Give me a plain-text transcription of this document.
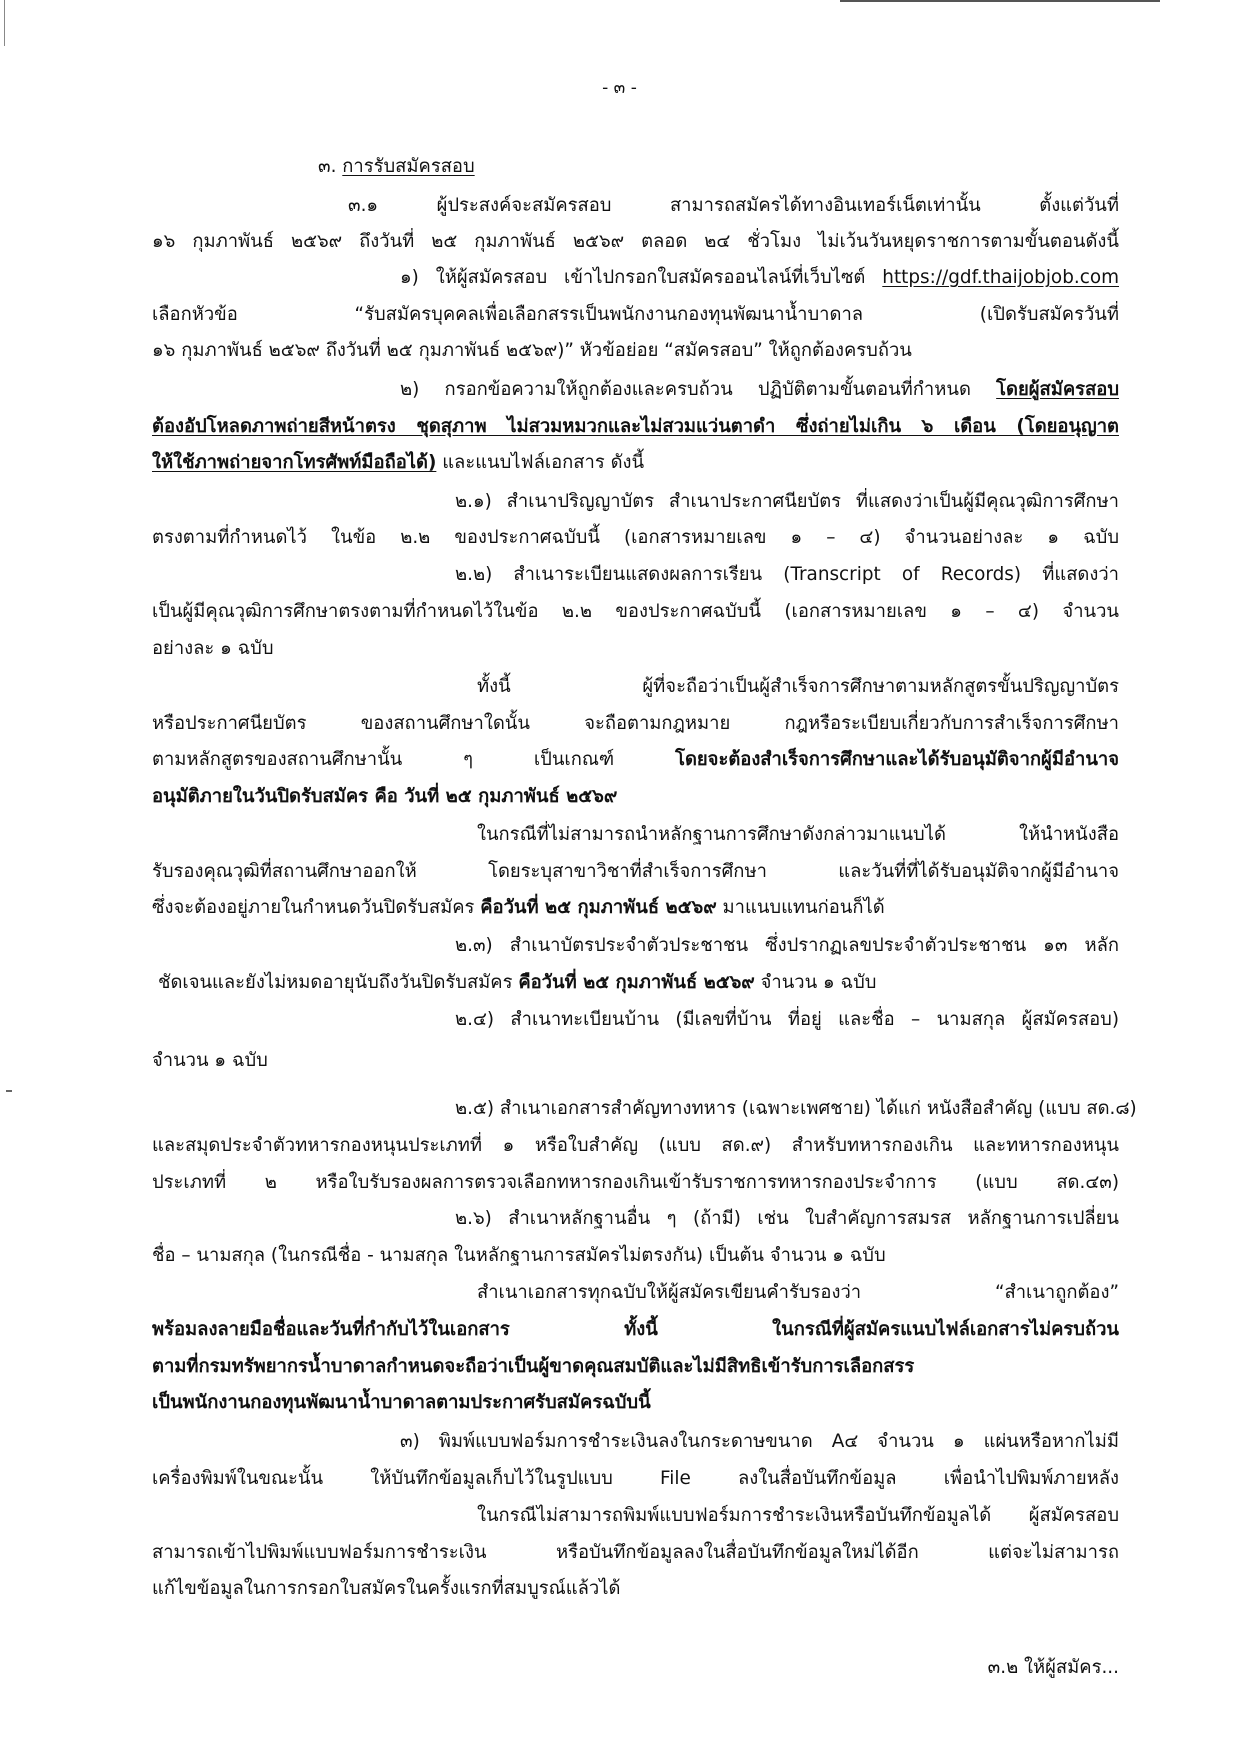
- ๓ -
๓. การรับสมัครสอบ
๓.๑ ผู้ประสงค์จะสมัครสอบ สามารถสมัครได้ทางอินเทอร์เน็ตเท่านั้น ตั้งแต่วันที่
๑๖ กุมภาพันธ์ ๒๕๖๙ ถึงวันที่ ๒๕ กุมภาพันธ์ ๒๕๖๙ ตลอด ๒๔ ชั่วโมง ไม่เว้นวันหยุดราชการตามขั้นตอนดังนี้
๑) ให้ผู้สมัครสอบ เข้าไปกรอกใบสมัครออนไลน์ที่เว็บไซต์ https://gdf.thaijobjob.com
เลือกหัวข้อ “รับสมัครบุคคลเพื่อเลือกสรรเป็นพนักงานกองทุนพัฒนาน้ำบาดาล (เปิดรับสมัครวันที่
๑๖ กุมภาพันธ์ ๒๕๖๙ ถึงวันที่ ๒๕ กุมภาพันธ์ ๒๕๖๙)” หัวข้อย่อย “สมัครสอบ” ให้ถูกต้องครบถ้วน
๒) กรอกข้อความให้ถูกต้องและครบถ้วน ปฏิบัติตามขั้นตอนที่กำหนด โดยผู้สมัครสอบ
ต้องอัปโหลดภาพถ่ายสีหน้าตรง ชุดสุภาพ ไม่สวมหมวกและไม่สวมแว่นตาดำ ซึ่งถ่ายไม่เกิน ๖ เดือน (โดยอนุญาต
ให้ใช้ภาพถ่ายจากโทรศัพท์มือถือได้) และแนบไฟล์เอกสาร ดังนี้
๒.๑) สำเนาปริญญาบัตร สำเนาประกาศนียบัตร ที่แสดงว่าเป็นผู้มีคุณวุฒิการศึกษา
ตรงตามที่กำหนดไว้ ในข้อ ๒.๒ ของประกาศฉบับนี้ (เอกสารหมายเลข ๑ – ๔) จำนวนอย่างละ ๑ ฉบับ
๒.๒) สำเนาระเบียนแสดงผลการเรียน (Transcript of Records) ที่แสดงว่า
เป็นผู้มีคุณวุฒิการศึกษาตรงตามที่กำหนดไว้ในข้อ ๒.๒ ของประกาศฉบับนี้ (เอกสารหมายเลข ๑ – ๔) จำนวน
อย่างละ ๑ ฉบับ
ทั้งนี้ ผู้ที่จะถือว่าเป็นผู้สำเร็จการศึกษาตามหลักสูตรขั้นปริญญาบัตร
หรือประกาศนียบัตร ของสถานศึกษาใดนั้น จะถือตามกฎหมาย กฎหรือระเบียบเกี่ยวกับการสำเร็จการศึกษา
ตามหลักสูตรของสถานศึกษานั้น ๆ เป็นเกณฑ์ โดยจะต้องสำเร็จการศึกษาและได้รับอนุมัติจากผู้มีอำนาจ
อนุมัติภายในวันปิดรับสมัคร คือ วันที่ ๒๕ กุมภาพันธ์ ๒๕๖๙
ในกรณีที่ไม่สามารถนำหลักฐานการศึกษาดังกล่าวมาแนบได้ ให้นำหนังสือ
รับรองคุณวุฒิที่สถานศึกษาออกให้ โดยระบุสาขาวิชาที่สำเร็จการศึกษา และวันที่ที่ได้รับอนุมัติจากผู้มีอำนาจ
ซึ่งจะต้องอยู่ภายในกำหนดวันปิดรับสมัคร คือวันที่ ๒๕ กุมภาพันธ์ ๒๕๖๙ มาแนบแทนก่อนก็ได้
๒.๓) สำเนาบัตรประจำตัวประชาชน ซึ่งปรากฏเลขประจำตัวประชาชน ๑๓ หลัก
ชัดเจนและยังไม่หมดอายุนับถึงวันปิดรับสมัคร คือวันที่ ๒๕ กุมภาพันธ์ ๒๕๖๙ จำนวน ๑ ฉบับ
๒.๔) สำเนาทะเบียนบ้าน (มีเลขที่บ้าน ที่อยู่ และชื่อ – นามสกุล ผู้สมัครสอบ)
จำนวน ๑ ฉบับ
๒.๕) สำเนาเอกสารสำคัญทางทหาร (เฉพาะเพศชาย) ได้แก่ หนังสือสำคัญ (แบบ สด.๘)
และสมุดประจำตัวทหารกองหนุนประเภทที่ ๑ หรือใบสำคัญ (แบบ สด.๙) สำหรับทหารกองเกิน และทหารกองหนุน
ประเภทที่ ๒ หรือใบรับรองผลการตรวจเลือกทหารกองเกินเข้ารับราชการทหารกองประจำการ (แบบ สด.๔๓)
๒.๖) สำเนาหลักฐานอื่น ๆ (ถ้ามี) เช่น ใบสำคัญการสมรส หลักฐานการเปลี่ยน
ชื่อ – นามสกุล (ในกรณีชื่อ - นามสกุล ในหลักฐานการสมัครไม่ตรงกัน) เป็นต้น จำนวน ๑ ฉบับ
สำเนาเอกสารทุกฉบับให้ผู้สมัครเขียนคำรับรองว่า “สำเนาถูกต้อง”
พร้อมลงลายมือชื่อและวันที่กำกับไว้ในเอกสาร ทั้งนี้ ในกรณีที่ผู้สมัครแนบไฟล์เอกสารไม่ครบถ้วน
ตามที่กรมทรัพยากรน้ำบาดาลกำหนดจะถือว่าเป็นผู้ขาดคุณสมบัติและไม่มีสิทธิเข้ารับการเลือกสรร
เป็นพนักงานกองทุนพัฒนาน้ำบาดาลตามประกาศรับสมัครฉบับนี้
๓) พิมพ์แบบฟอร์มการชำระเงินลงในกระดาษขนาด A๔ จำนวน ๑ แผ่นหรือหากไม่มี
เครื่องพิมพ์ในขณะนั้น ให้บันทึกข้อมูลเก็บไว้ในรูปแบบ File ลงในสื่อบันทึกข้อมูล เพื่อนำไปพิมพ์ภายหลัง
ในกรณีไม่สามารถพิมพ์แบบฟอร์มการชำระเงินหรือบันทึกข้อมูลได้ ผู้สมัครสอบ
สามารถเข้าไปพิมพ์แบบฟอร์มการชำระเงิน หรือบันทึกข้อมูลลงในสื่อบันทึกข้อมูลใหม่ได้อีก แต่จะไม่สามารถ
แก้ไขข้อมูลในการกรอกใบสมัครในครั้งแรกที่สมบูรณ์แล้วได้
๓.๒ ให้ผู้สมัคร...
